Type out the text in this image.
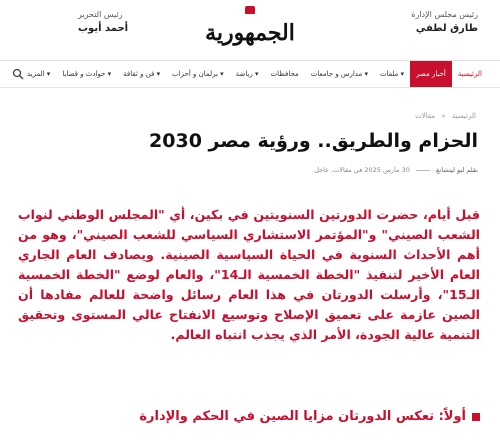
رئيس مجلس الإدارة
طارق لطفي
الجمهورية
رئيس التحرير
أحمد أيوب
الرئيسية
أخبار مصر
ملفات ▾
مدارس و جامعات ▾
محافظات
رياضة ▾
برلمان و أحزاب ▾
فن و ثقافة ▾
حوادث و قضايا ▾
المزيد ▾
الرئيسية » مقالات
الحزام والطريق.. ورؤية مصر 2030
بقلم ليو ليتشانغ  30 مارس 2025 في مقالات, عاجل

قبل أيام، حضرت الدورتين السنويتين في بكين، أي "المجلس الوطني لنواب الشعب الصيني" و"المؤتمر الاستشاري السياسي للشعب الصيني"، وهو من أهم الأحداث السنوية في الحياة السياسية الصينية. ويصادف العام الجاري العام الأخير لتنفيذ "الخطة الخمسية الـ14"، والعام لوضع "الخطة الخمسية الـ15"، وأرسلت الدورتان في هذا العام رسائل واضحة للعالم مفادها أن الصين عازمة على تعميق الإصلاح وتوسيع الانفتاح عالي المستوى وتحقيق التنمية عالية الجودة، الأمر الذي يجذب انتباه العالم.

أولاً: تعكس الدورتان مزايا الصين في الحكم والإدارة
